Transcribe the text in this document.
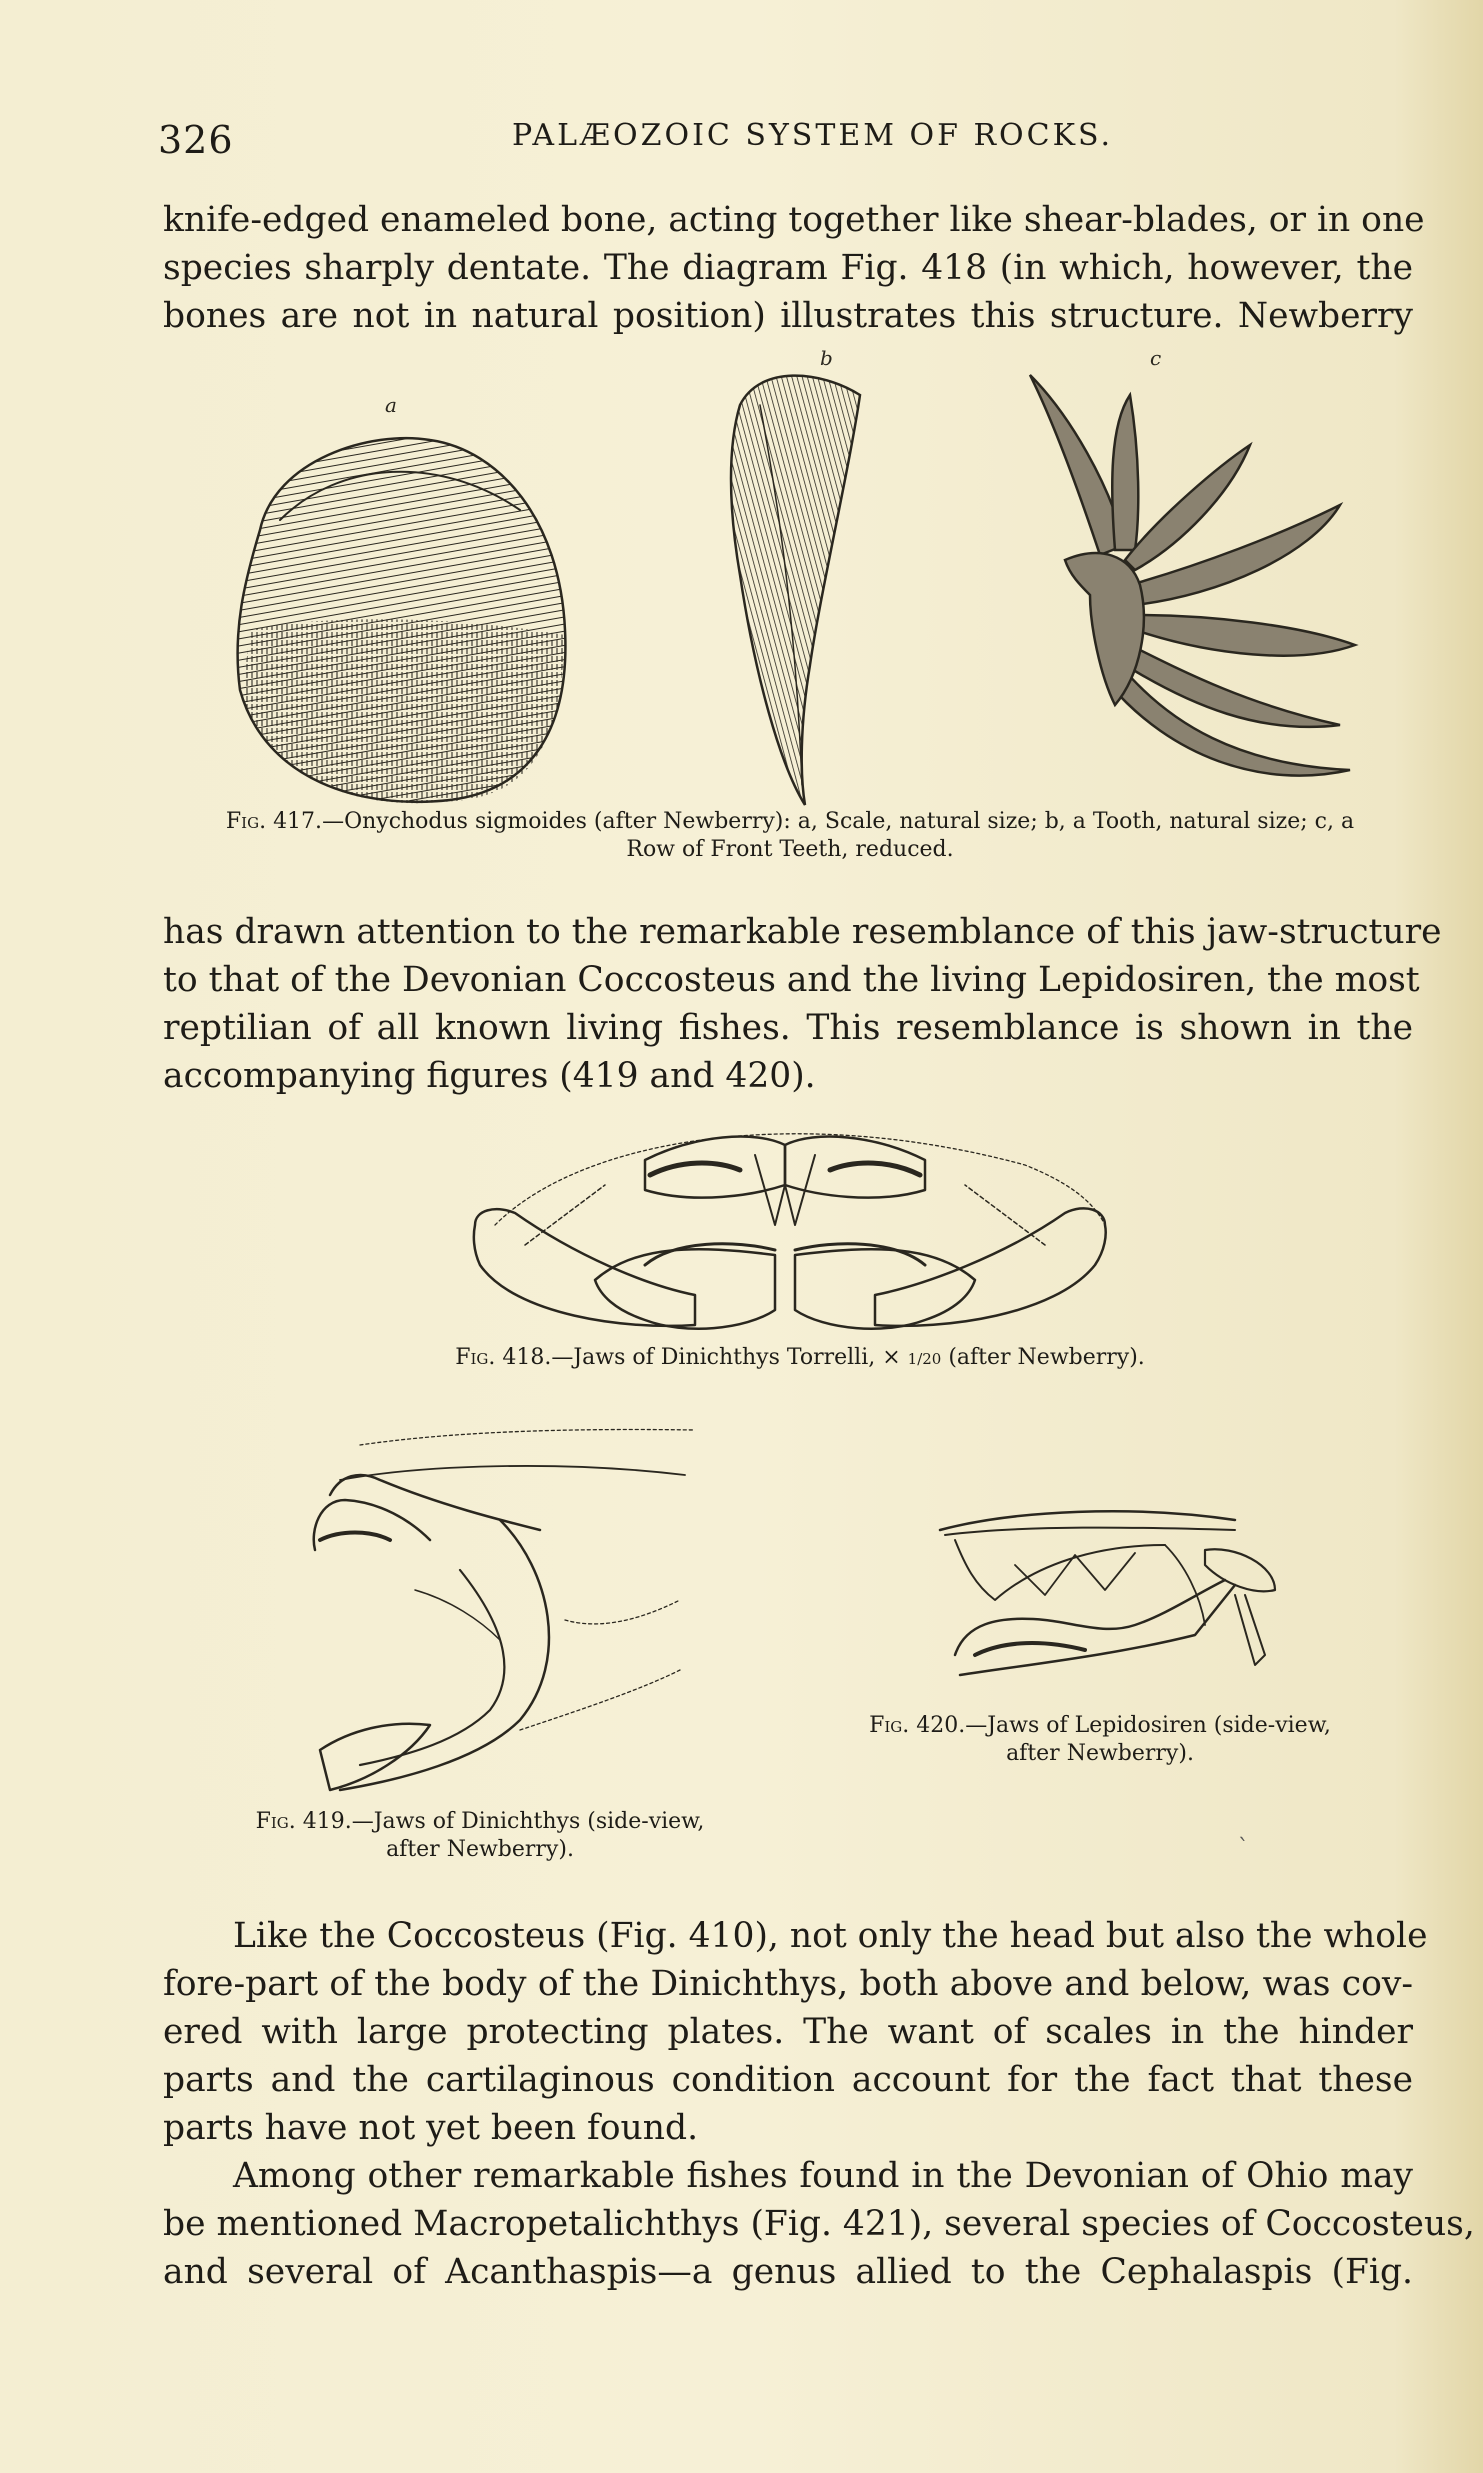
326	PALÆOZOIC SYSTEM OF ROCKS.
knife-edged enameled bone, acting together like shear-blades, or in one
species sharply dentate. The diagram Fig. 418 (in which, however, the
bones are not in natural position) illustrates this structure. Newberry
a
b	c
Fig. 417.—Onychodus sigmoides (after Newberry): a, Scale, natural size; b, a Tooth, natural size; c, a
Row of Front Teeth, reduced.
has drawn attention to the remarkable resemblance of this jaw-structure
to that of the Devonian Coccosteus and the living Lepidosiren, the most
reptilian of all known living fishes. This resemblance is shown in the
accompanying figures (419 and 420).
Fig. 418.—Jaws of Dinichthys Torrelli, × 1/20 (after Newberry).
Fig. 419.—Jaws of Dinichthys (side-view,
after Newberry).
Fig. 420.—Jaws of Lepidosiren (side-view,
after Newberry).
`
Like the Coccosteus (Fig. 410), not only the head but also the whole
fore-part of the body of the Dinichthys, both above and below, was cov-
ered with large protecting plates. The want of scales in the hinder
parts and the cartilaginous condition account for the fact that these
parts have not yet been found.
Among other remarkable fishes found in the Devonian of Ohio may
be mentioned Macropetalichthys (Fig. 421), several species of Coccosteus,
and several of Acanthaspis—a genus allied to the Cephalaspis (Fig.
